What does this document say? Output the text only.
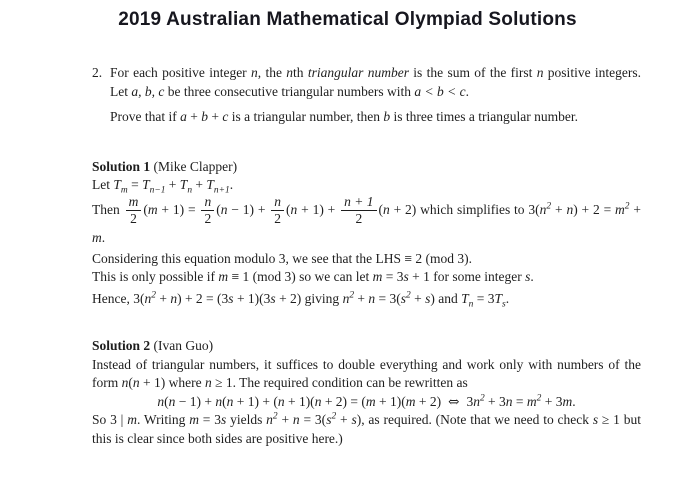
2019 Australian Mathematical Olympiad Solutions
2. For each positive integer n, the nth triangular number is the sum of the first n positive integers. Let a, b, c be three consecutive triangular numbers with a < b < c.

Prove that if a + b + c is a triangular number, then b is three times a triangular number.

Solution 1 (Mike Clapper)

Let $T_m = T_{n-1} + T_n + T_{n+1}$.

Then $\frac{m}{2} (m + 1) = \frac{n}{2} (n - 1) + \frac{n}{2} (n + 1) + \frac{n + 1}{2} (n + 2)$ which simplifies to $3(n^2 + n) + 2 = m^2 + m$.

Considering this equation modulo 3, we see that the LHS ≡ 2 (mod 3).

This is only possible if m ≡ 1 (mod 3) so we can let m = 3s + 1 for some integer s.

Hence, $3(n^2 + n) + 2 = (3s + 1)(3s + 2)$ giving $n^2 + n = 3(s^2 + s)$ and $T_n = 3T_s$.

Solution 2 (Ivan Guo)

Instead of triangular numbers, it suffices to double everything and work only with numbers of the form n(n + 1) where n ≥ 1. The required condition can be rewritten as

n(n − 1) + n(n + 1) + (n + 1)(n + 2) = (m + 1)(m + 2) ⇔ $3n^2 + 3n = m^2 + 3m$.

So 3 | m. Writing m = 3s yields $n^2 + n = 3(s^2 + s)$, as required. (Note that we need to check s ≥ 1 but this is clear since both sides are positive here.)
